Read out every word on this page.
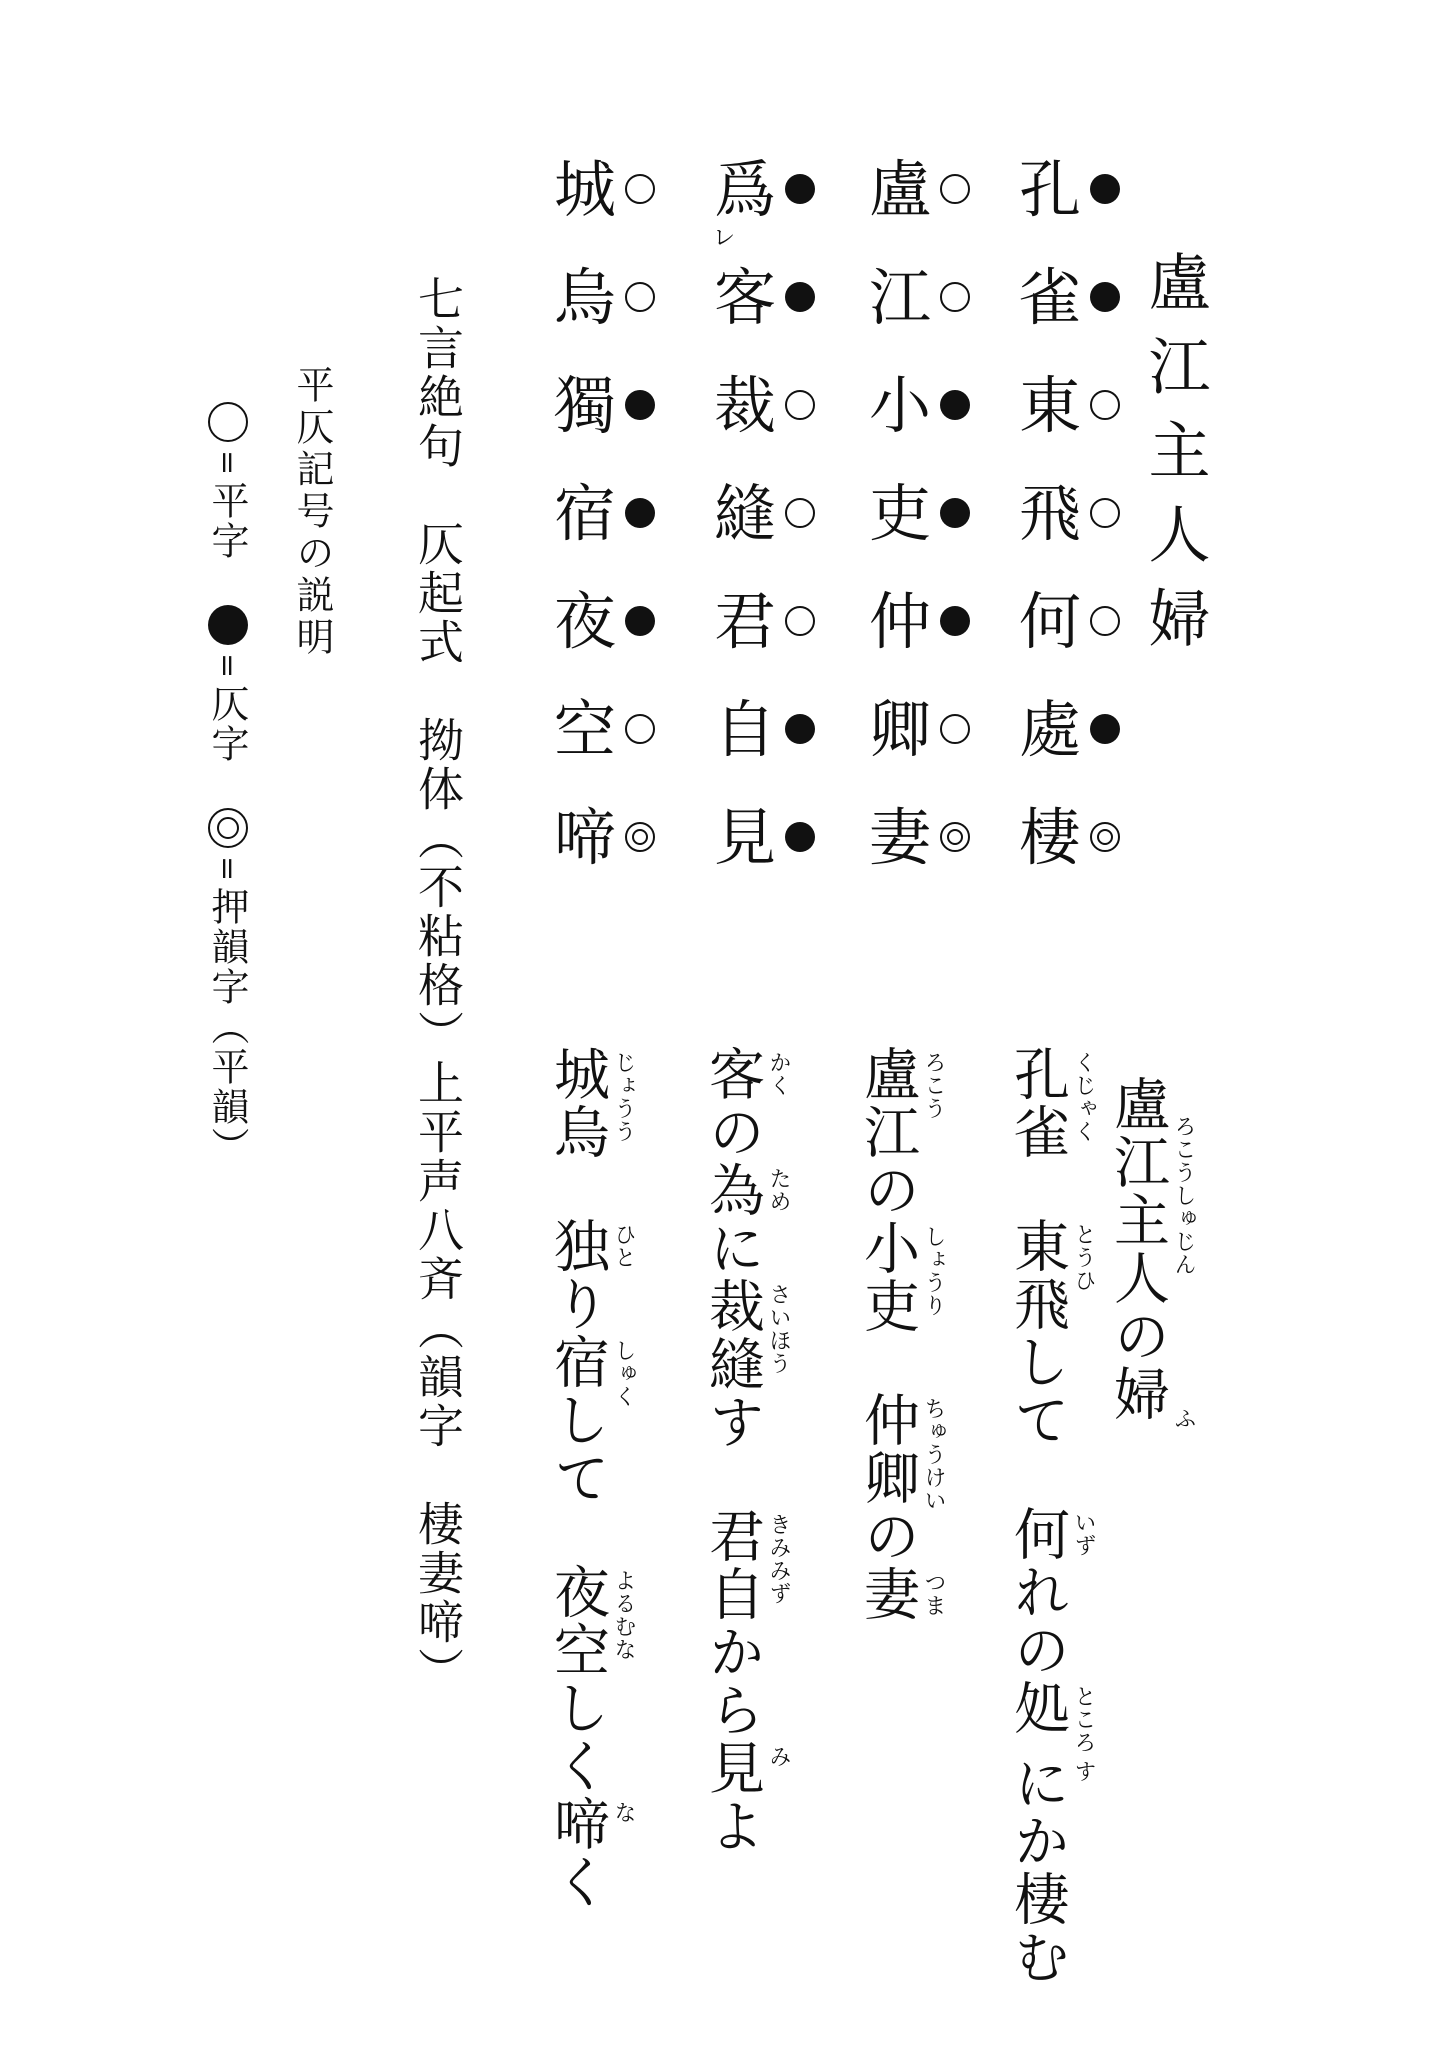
盧江主人婦
孔
雀
東
飛
何
處
棲
盧
江
小
吏
仲
卿
妻
爲
客
裁
縫
君
自
見
レ
城
烏
獨
宿
夜
空
啼
七言絶句　仄起式　拗体（不粘格）上平声八斉（韻字　棲妻啼）
平仄記号の説明
=
平字
=
仄字
=
押韻字（平韻）
盧江主人の婦 ろこうしゅじん
ふ
孔雀 くじゃく
東飛して とうひ
何れの いず
処 ところ
にか棲む す
盧江の ろこう
小吏 しょうり
仲卿の ちゅうけい
妻 つま
客の かく
為に ため
裁縫す さいほう
君自から きみみず
見よ み
城烏 じょうう
独り ひと
宿して しゅく
夜空しく よるむな
啼く な
